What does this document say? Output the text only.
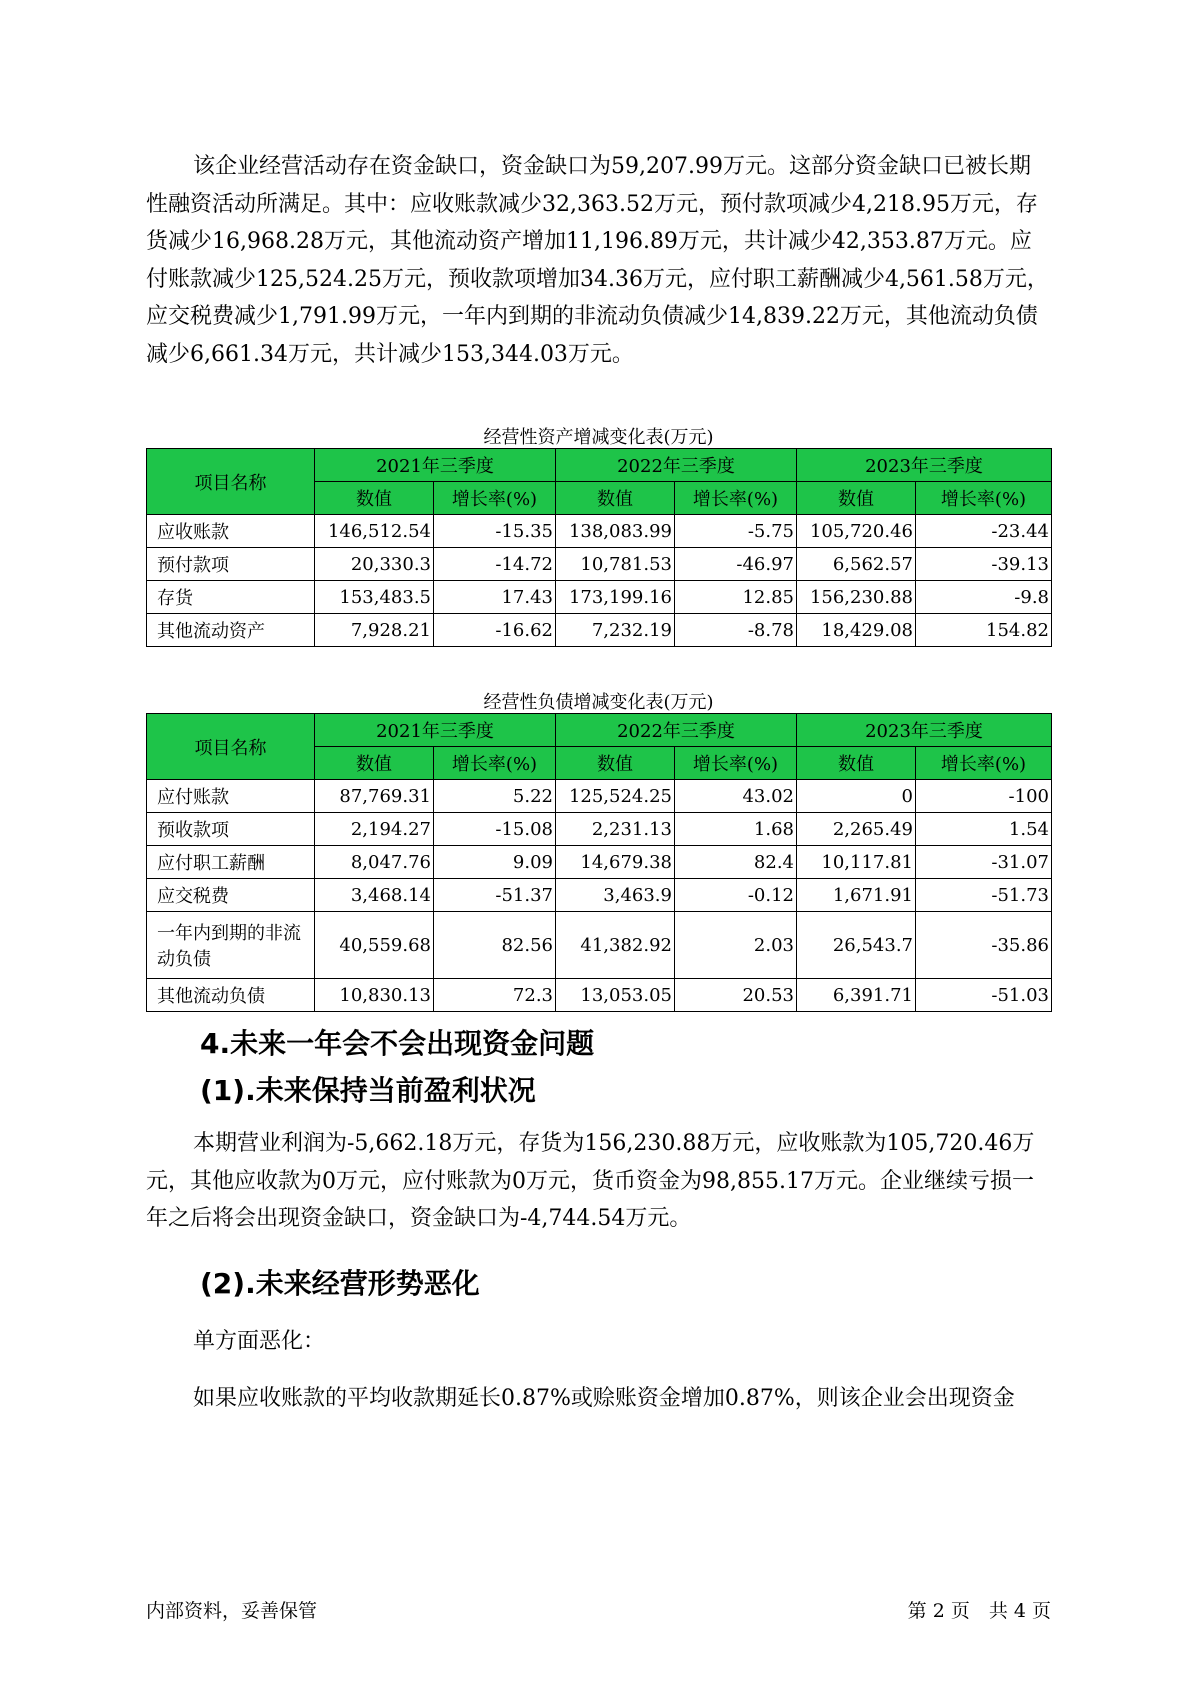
该企业经营活动存在资金缺口，资金缺口为59,207.99万元。这部分资金缺口已被长期性融资活动所满足。其中：应收账款减少32,363.52万元，预付款项减少4,218.95万元，存货减少16,968.28万元，其他流动资产增加11,196.89万元，共计减少42,353.87万元。应付账款减少125,524.25万元，预收款项增加34.36万元，应付职工薪酬减少4,561.58万元，应交税费减少1,791.99万元，一年内到期的非流动负债减少14,839.22万元，其他流动负债减少6,661.34万元，共计减少153,344.03万元。

经营性资产增减变化表(万元)
项目名称	2021年三季度		2022年三季度		2023年三季度	
	数值	增长率(%)	数值	增长率(%)	数值	增长率(%)
应收账款	146,512.54	-15.35	138,083.99	-5.75	105,720.46	-23.44
预付款项	20,330.3	-14.72	10,781.53	-46.97	6,562.57	-39.13
存货	153,483.5	17.43	173,199.16	12.85	156,230.88	-9.8
其他流动资产	7,928.21	-16.62	7,232.19	-8.78	18,429.08	154.82
经营性负债增减变化表(万元)
项目名称	2021年三季度		2022年三季度		2023年三季度	
	数值	增长率(%)	数值	增长率(%)	数值	增长率(%)
应付账款	87,769.31	5.22	125,524.25	43.02	0	-100
预收款项	2,194.27	-15.08	2,231.13	1.68	2,265.49	1.54
应付职工薪酬	8,047.76	9.09	14,679.38	82.4	10,117.81	-31.07
应交税费	3,468.14	-51.37	3,463.9	-0.12	1,671.91	-51.73
一年内到期的非流动负债	40,559.68	82.56	41,382.92	2.03	26,543.7	-35.86
其他流动负债	10,830.13	72.3	13,053.05	20.53	6,391.71	-51.03
4.未来一年会不会出现资金问题
(1).未来保持当前盈利状况

本期营业利润为-5,662.18万元，存货为156,230.88万元，应收账款为105,720.46万元，其他应收款为0万元，应付账款为0万元，货币资金为98,855.17万元。企业继续亏损一年之后将会出现资金缺口，资金缺口为-4,744.54万元。

(2).未来经营形势恶化

单方面恶化：

如果应收账款的平均收款期延长0.87%或赊账资金增加0.87%，则该企业会出现资金

内部资料，妥善保管	第 2 页　共 4 页
